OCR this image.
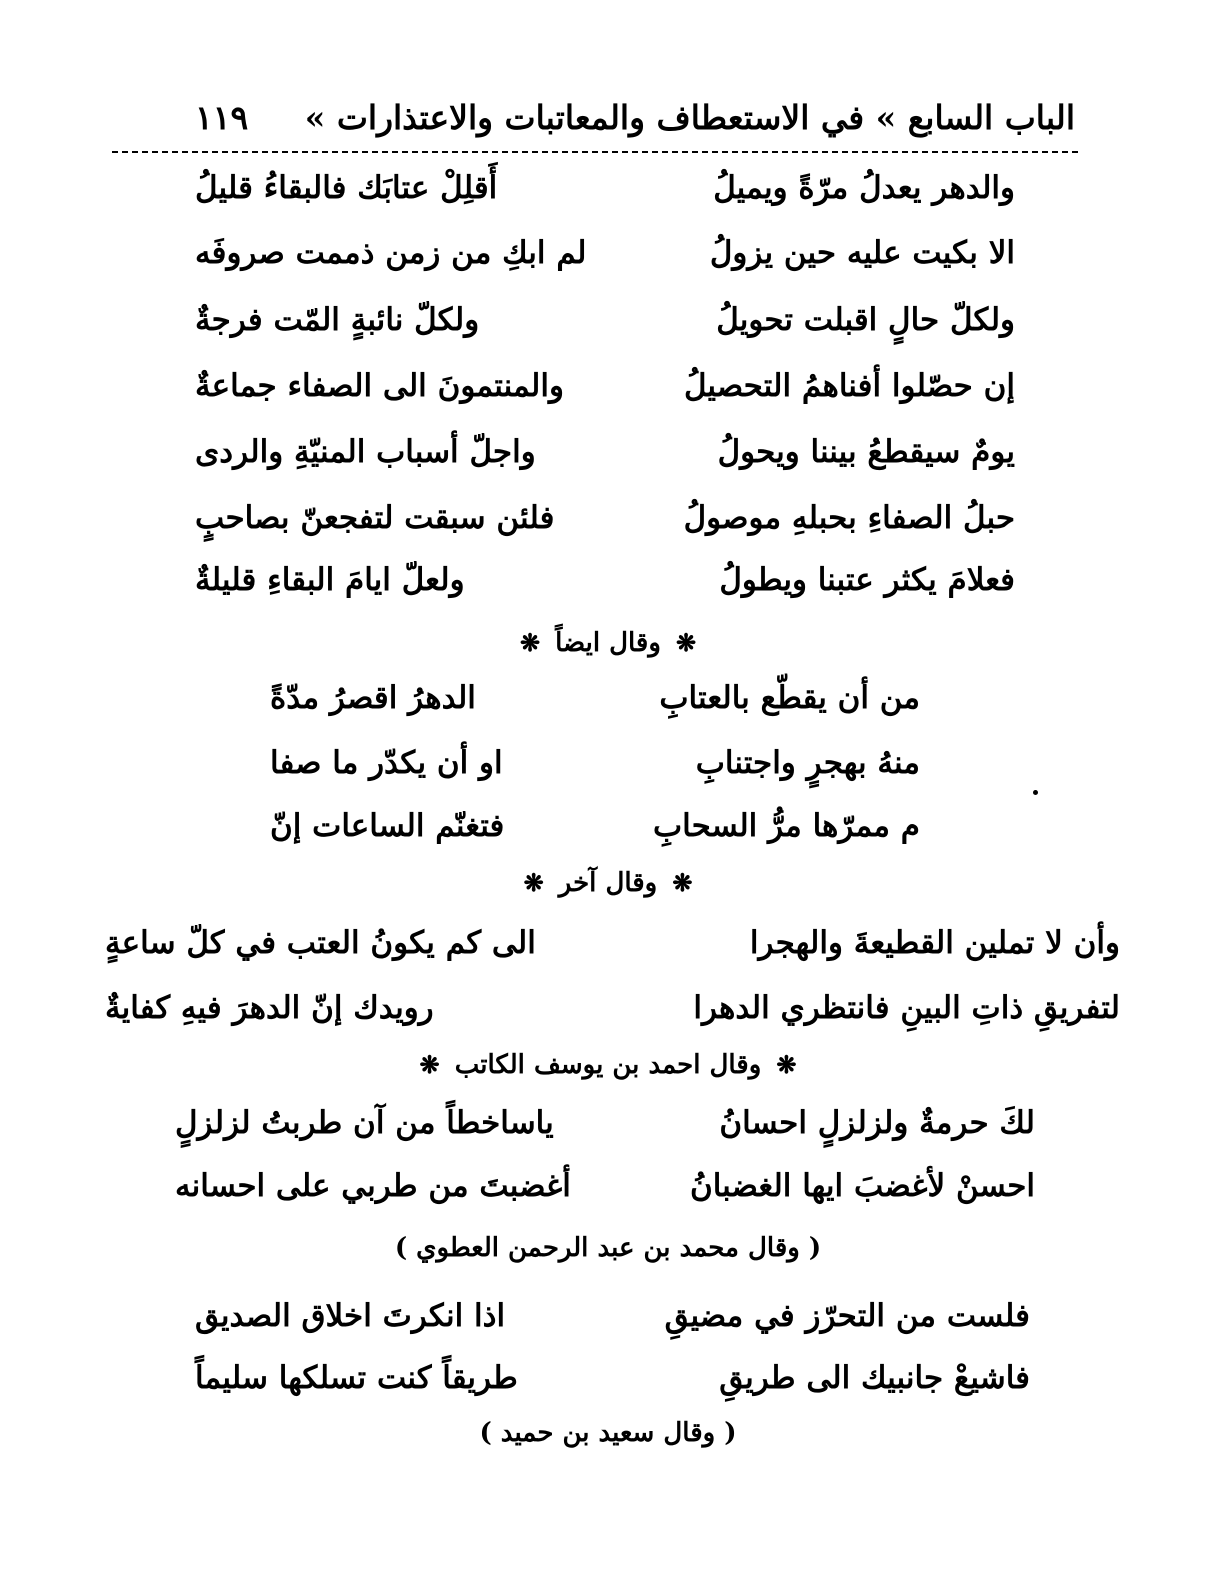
« الباب السابع » في الاستعطاف والمعاتبات والاعتذارات
١١٩
أَقلِلْ عتابَك فالبقاءُ قليلُ	والدهر يعدلُ مرّةً ويميلُ
لم ابكِ من زمن ذممت صروفَه	الا بكيت عليه حين يزولُ
ولكلّ نائبةٍ المّت فرجةٌ	ولكلّ حالٍ اقبلت تحويلُ
والمنتمونَ الى الصفاء جماعةٌ	إن حصّلوا أفناهمُ التحصيلُ
واجلّ أسباب المنيّةِ والردى	يومٌ سيقطعُ بيننا ويحولُ
فلئن سبقت لتفجعنّ بصاحبٍ	حبلُ الصفاءِ بحبلهِ موصولُ
ولعلّ ايامَ البقاءِ قليلةٌ	فعلامَ يكثر عتبنا ويطولُ
❋ وقال ايضاً ❋
الدهرُ اقصرُ مدّةً	من أن يقطّع بالعتابِ
او أن يكدّر ما صفا	منهُ بهجرٍ واجتنابِ
فتغنّم الساعات إنّ	م ممرّها مرُّ السحابِ
❋ وقال آخر ❋
الى كم يكونُ العتب في كلّ ساعةٍ	وأن لا تملين القطيعةَ والهجرا
رويدك إنّ الدهرَ فيهِ كفايةٌ	لتفريقِ ذاتِ البينِ فانتظري الدهرا
❋ وقال احمد بن يوسف الكاتب ❋
ياساخطاً من آن طربتُ لزلزلٍ	لكَ حرمةٌ ولزلزلٍ احسانُ
أغضبتَ من طربي على احسانه	احسنْ لأغضبَ ايها الغضبانُ
( وقال محمد بن عبد الرحمن العطوي )
اذا انكرتَ اخلاق الصديق	فلست من التحرّز في مضيقِ
طريقاً كنت تسلكها سليماً	فاشيعْ جانبيك الى طريقِ
( وقال سعيد بن حميد )
